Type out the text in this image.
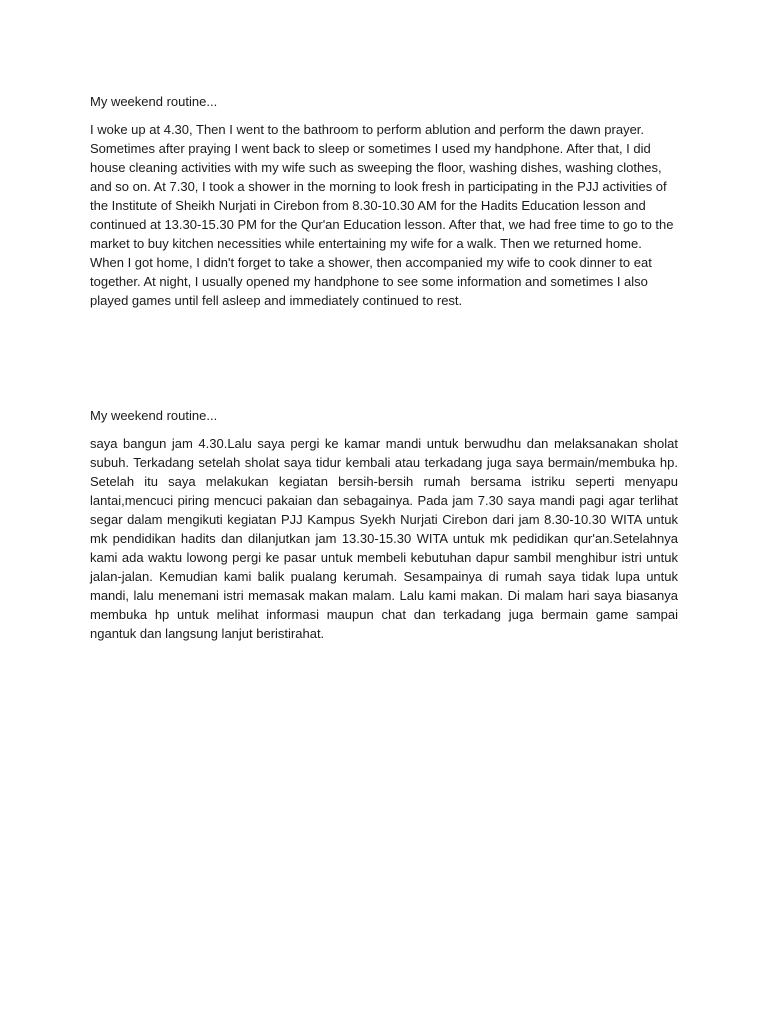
My weekend routine...

I woke up at 4.30, Then I went to the bathroom to perform ablution and perform the dawn prayer. Sometimes after praying I went back to sleep or sometimes I used my handphone. After that, I did house cleaning activities with my wife such as sweeping the floor, washing dishes, washing clothes, and so on. At 7.30, I took a shower in the morning to look fresh in participating in the PJJ activities of the Institute of Sheikh Nurjati in Cirebon from 8.30-10.30 AM for the Hadits Education lesson and continued at 13.30-15.30 PM for the Qur'an Education lesson. After that, we had free time to go to the market to buy kitchen necessities while entertaining my wife for a walk. Then we returned home. When I got home, I didn't forget to take a shower, then accompanied my wife to cook dinner to eat together. At night, I usually opened my handphone to see some information and sometimes I also played games until fell asleep and immediately continued to rest.

My weekend routine...

saya bangun jam 4.30.Lalu saya pergi ke kamar mandi untuk berwudhu dan melaksanakan sholat subuh. Terkadang setelah sholat saya tidur kembali atau terkadang juga saya bermain/membuka hp. Setelah itu saya melakukan kegiatan bersih-bersih rumah bersama istriku seperti menyapu lantai,mencuci piring mencuci pakaian dan sebagainya. Pada jam 7.30 saya mandi pagi agar terlihat segar dalam mengikuti kegiatan PJJ Kampus Syekh Nurjati Cirebon dari jam 8.30-10.30 WITA untuk mk pendidikan hadits dan dilanjutkan jam 13.30-15.30 WITA untuk mk pedidikan qur'an.Setelahnya kami ada waktu lowong pergi ke pasar untuk membeli kebutuhan dapur sambil menghibur istri untuk jalan-jalan. Kemudian kami balik pualang kerumah. Sesampainya di rumah saya tidak lupa untuk mandi, lalu menemani istri memasak makan malam. Lalu kami makan. Di malam hari saya biasanya membuka hp untuk melihat informasi maupun chat dan terkadang juga bermain game sampai ngantuk dan langsung lanjut beristirahat.
